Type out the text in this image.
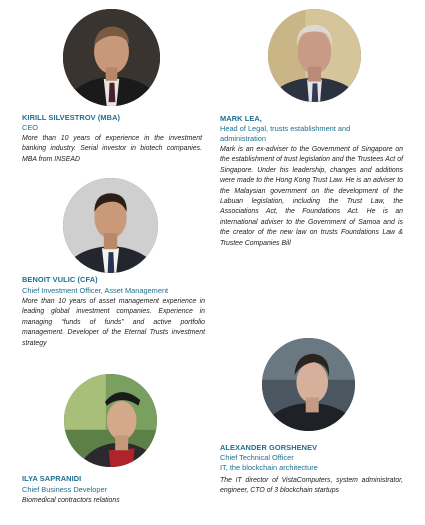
KIRILL SILVESTROV (MBA)
CEO
More than 10 years of experience in the investment banking industry. Serial investor in biotech companies. MBA from INSEAD
MARK LEA,
Head of Legal, trusts establishment and administration
Mark is an ex-adviser to the Government of Singapore on the establishment of trust legislation and the Trustees Act of Singapore. Under his leadership, changes and additions were made to the Hong Kong Trust Law. He is an adviser to the Malaysian government on the development of the Labuan legislation, including the Trust Law, the Associations Act, the Foundations Act. He is an international adviser to the Government of Samoa and is the creator of the new law on trusts Foundations Law & Trustee Companies Bill
BENOIT VULIC (CFA)
Chief Investment Officer, Asset Management
More than 10 years of asset management experience in leading global investment companies. Experience in managing “funds of funds” and active portfolio management. Developer of the Eternal Trusts investment strategy
ILYA SAPRANIDI
Chief Business Developer
Biomedical contractors relations
ALEXANDER GORSHENEV
Chief Technical Officer
IT, the blockchain architecture
The IT director of VistaComputers, system administrator, engineer, CTO of 3 blockchain startups
